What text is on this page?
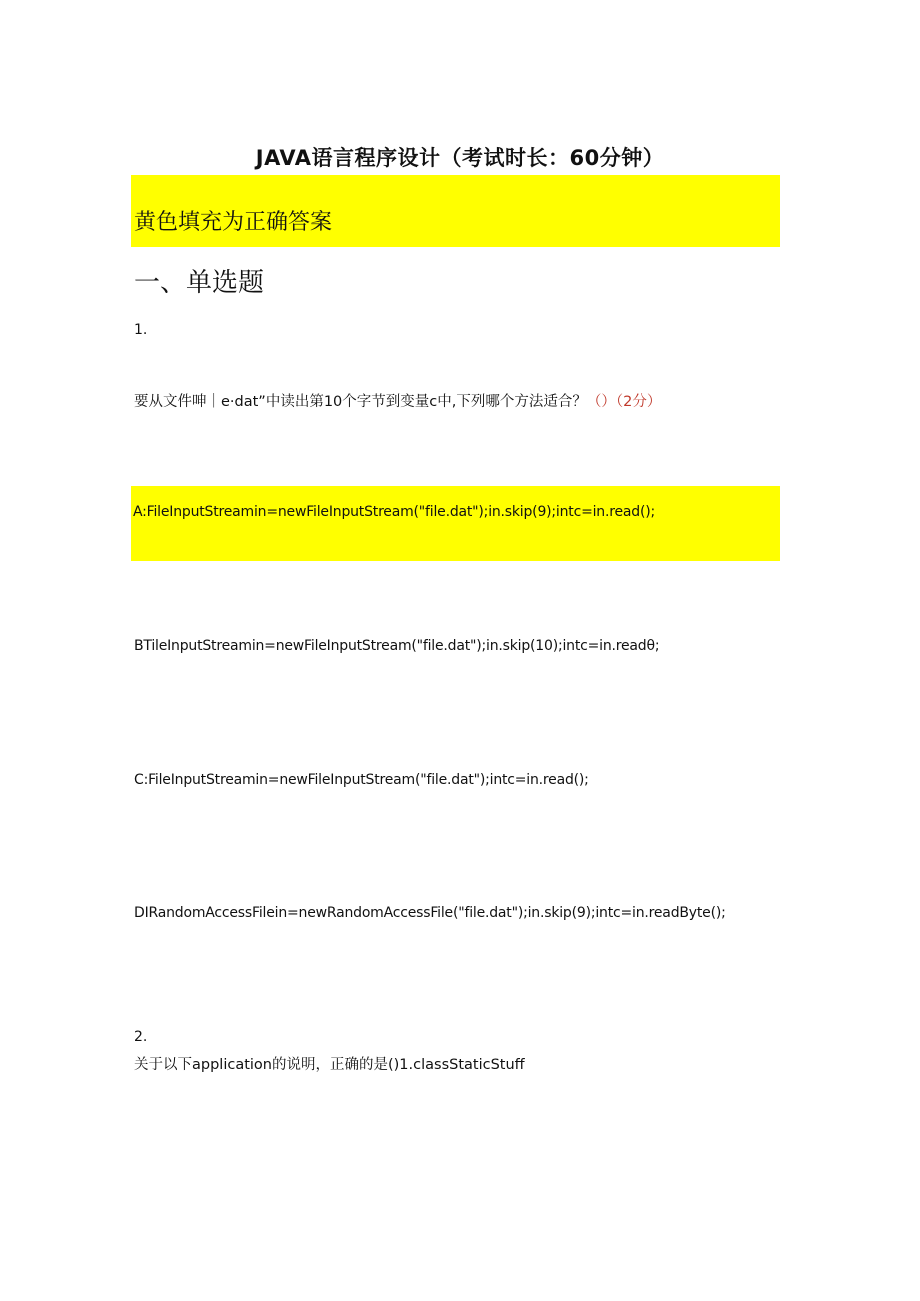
JAVA语言程序设计（考试时长：60分钟）
黄色填充为正确答案
一、单选题
1.
要从文件呻｜e·dat”中读出第10个字节到变量c中,下列哪个方法适合？（）（2分）
A:FileInputStreamin=newFileInputStream("file.dat");in.skip(9);intc=in.read();
BTileInputStreamin=newFileInputStream("file.dat");in.skip(10);intc=in.readθ;
C:FileInputStreamin=newFileInputStream("file.dat");intc=in.read();
DIRandomAccessFilein=newRandomAccessFile("file.dat");in.skip(9);intc=in.readByte();
2.
关于以下application的说明，正确的是()1.classStaticStuff
